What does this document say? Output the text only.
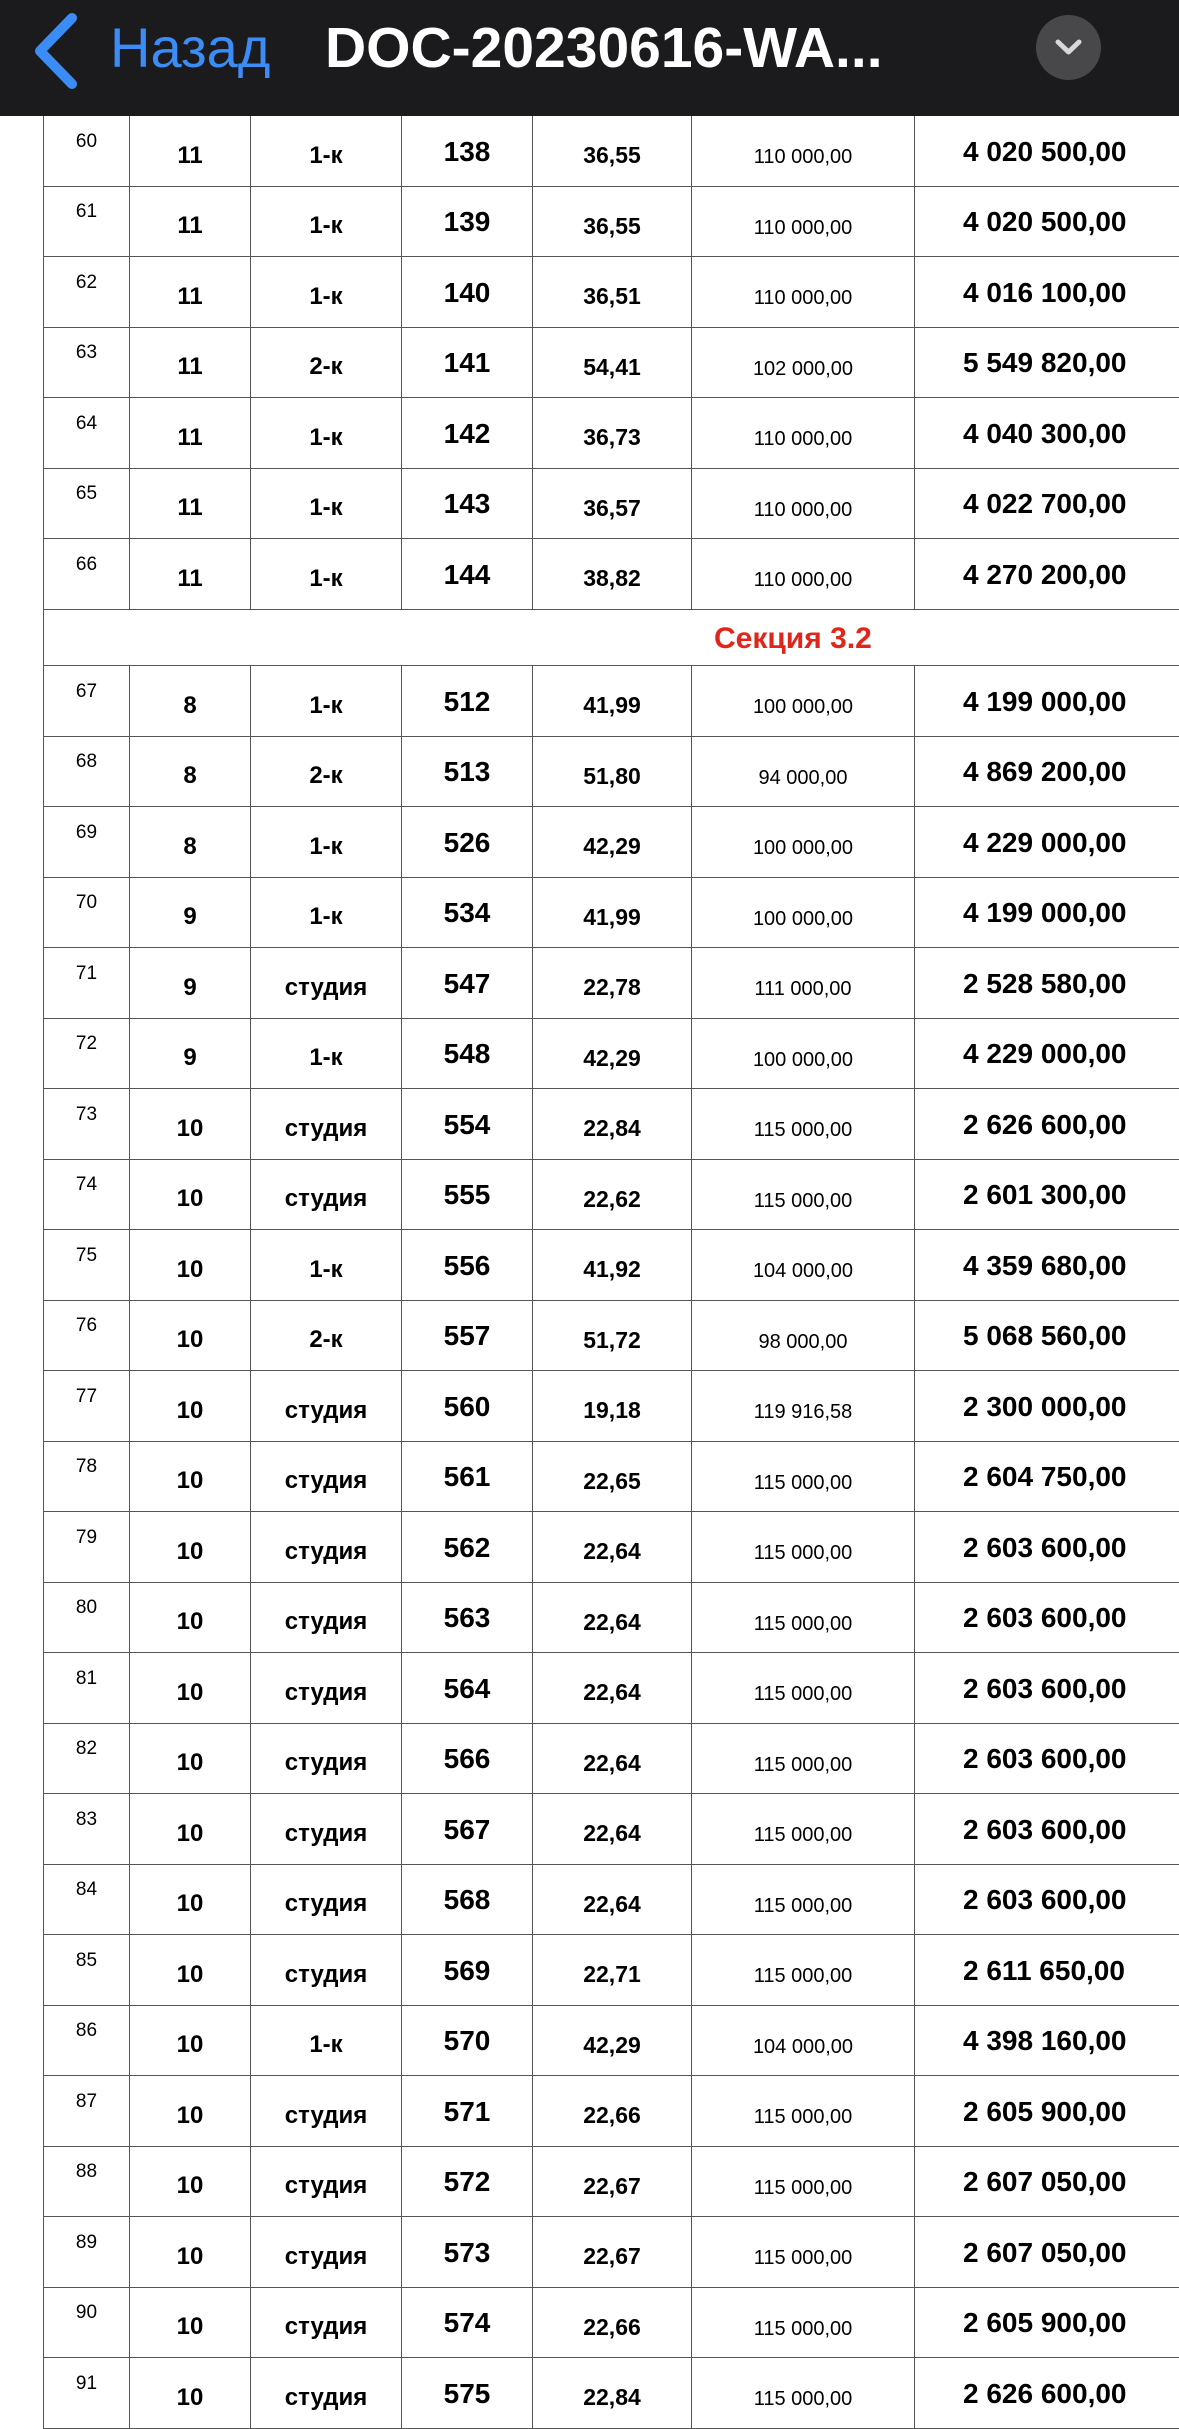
Назад DOC-20230616-WA...
60	11	1-к	138	36,55	110 000,00	4 020 500,00
61	11	1-к	139	36,55	110 000,00	4 020 500,00
62	11	1-к	140	36,51	110 000,00	4 016 100,00
63	11	2-к	141	54,41	102 000,00	5 549 820,00
64	11	1-к	142	36,73	110 000,00	4 040 300,00
65	11	1-к	143	36,57	110 000,00	4 022 700,00
66	11	1-к	144	38,82	110 000,00	4 270 200,00
Секция 3.2						
67	8	1-к	512	41,99	100 000,00	4 199 000,00
68	8	2-к	513	51,80	94 000,00	4 869 200,00
69	8	1-к	526	42,29	100 000,00	4 229 000,00
70	9	1-к	534	41,99	100 000,00	4 199 000,00
71	9	студия	547	22,78	111 000,00	2 528 580,00
72	9	1-к	548	42,29	100 000,00	4 229 000,00
73	10	студия	554	22,84	115 000,00	2 626 600,00
74	10	студия	555	22,62	115 000,00	2 601 300,00
75	10	1-к	556	41,92	104 000,00	4 359 680,00
76	10	2-к	557	51,72	98 000,00	5 068 560,00
77	10	студия	560	19,18	119 916,58	2 300 000,00
78	10	студия	561	22,65	115 000,00	2 604 750,00
79	10	студия	562	22,64	115 000,00	2 603 600,00
80	10	студия	563	22,64	115 000,00	2 603 600,00
81	10	студия	564	22,64	115 000,00	2 603 600,00
82	10	студия	566	22,64	115 000,00	2 603 600,00
83	10	студия	567	22,64	115 000,00	2 603 600,00
84	10	студия	568	22,64	115 000,00	2 603 600,00
85	10	студия	569	22,71	115 000,00	2 611 650,00
86	10	1-к	570	42,29	104 000,00	4 398 160,00
87	10	студия	571	22,66	115 000,00	2 605 900,00
88	10	студия	572	22,67	115 000,00	2 607 050,00
89	10	студия	573	22,67	115 000,00	2 607 050,00
90	10	студия	574	22,66	115 000,00	2 605 900,00
91	10	студия	575	22,84	115 000,00	2 626 600,00
